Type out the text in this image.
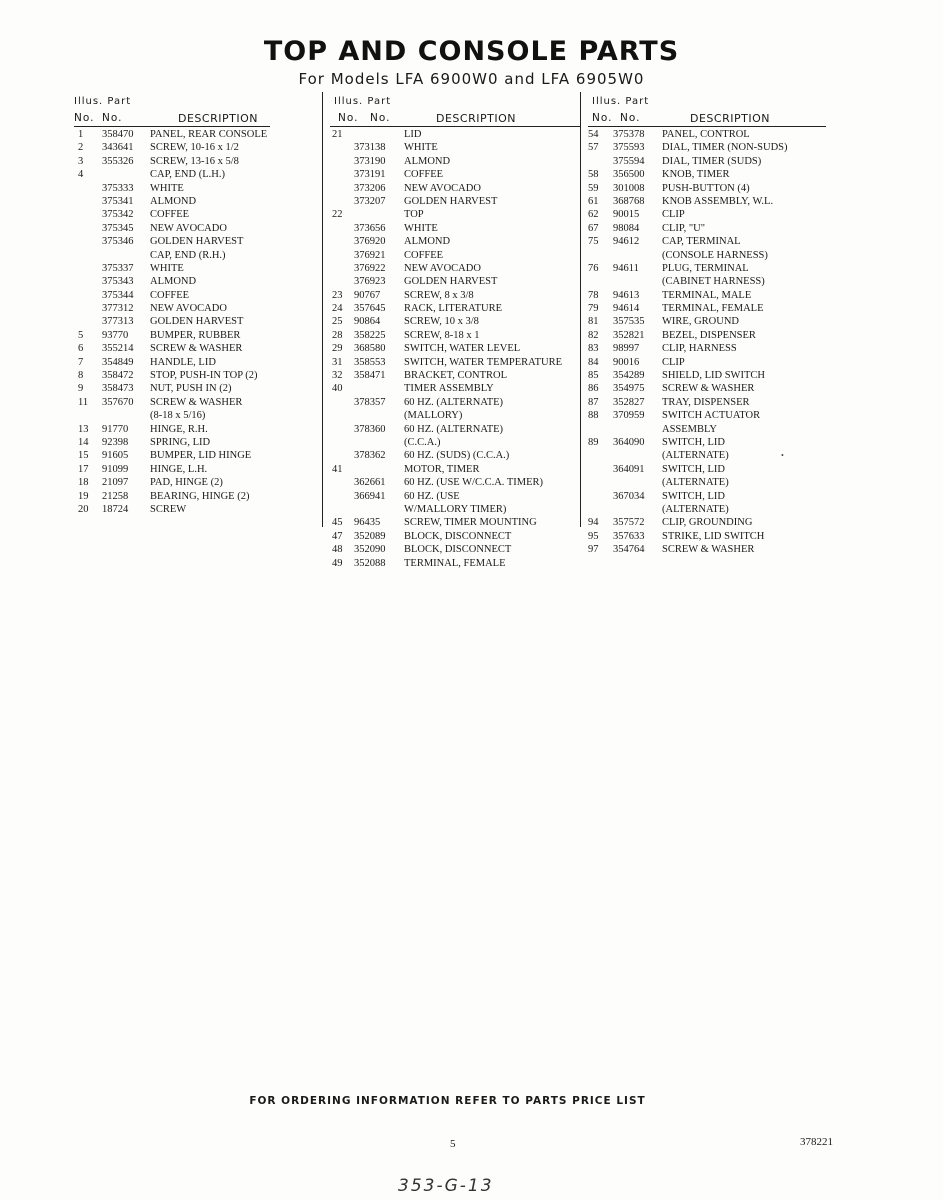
TOP AND CONSOLE PARTS
For Models LFA 6900W0 and LFA 6905W0
Illus. Part
No. No.	DESCRIPTION
1	358470 PANEL, REAR CONSOLE
2	343641 SCREW, 10-16 x 1/2
3	355326 SCREW, 13-16 x 5/8
4	CAP, END (L.H.)
375333 WHITE
375341 ALMOND
375342 COFFEE
375345 NEW AVOCADO
375346 GOLDEN HARVEST
CAP, END (R.H.)
375337 WHITE
375343 ALMOND
375344 COFFEE
377312 NEW AVOCADO
377313 GOLDEN HARVEST
5	93770 BUMPER, RUBBER
6	355214 SCREW & WASHER
7	354849 HANDLE, LID
8	358472 STOP, PUSH-IN TOP (2)
9	358473 NUT, PUSH IN (2)
11	357670 SCREW & WASHER
(8-18 x 5/16)
13	91770 HINGE, R.H.
14	92398 SPRING, LID
15	91605 BUMPER, LID HINGE
17	91099 HINGE, L.H.
18	21097 PAD, HINGE (2)
19	21258 BEARING, HINGE (2)
20	18724 SCREW
Illus. Part
No. No.	DESCRIPTION
21	LID
373138 WHITE
373190 ALMOND
373191 COFFEE
373206 NEW AVOCADO
373207 GOLDEN HARVEST
22	TOP
373656 WHITE
376920 ALMOND
376921 COFFEE
376922 NEW AVOCADO
376923 GOLDEN HARVEST
23	90767 SCREW, 8 x 3/8
24	357645 RACK, LITERATURE
25	90864 SCREW, 10 x 3/8
28	358225 SCREW, 8-18 x 1
29	368580 SWITCH, WATER LEVEL
31	358553 SWITCH, WATER TEMPERATURE
32	358471 BRACKET, CONTROL
40	TIMER ASSEMBLY
378357 60 HZ. (ALTERNATE)
(MALLORY)
378360 60 HZ. (ALTERNATE)
(C.C.A.)
378362 60 HZ. (SUDS) (C.C.A.)
41	MOTOR, TIMER
362661 60 HZ. (USE W/C.C.A. TIMER)
366941 60 HZ. (USE
W/MALLORY TIMER)
45	96435 SCREW, TIMER MOUNTING
47	352089 BLOCK, DISCONNECT
48	352090 BLOCK, DISCONNECT
49	352088 TERMINAL, FEMALE
Illus. Part
No. No.	DESCRIPTION
54	375378 PANEL, CONTROL
57	375593 DIAL, TIMER (NON-SUDS)
375594 DIAL, TIMER (SUDS)
58	356500 KNOB, TIMER
59	301008 PUSH-BUTTON (4)
61	368768 KNOB ASSEMBLY, W.L.
62	90015 CLIP
67	98084 CLIP, "U"
75	94612 CAP, TERMINAL
(CONSOLE HARNESS)
76	94611 PLUG, TERMINAL
(CABINET HARNESS)
78	94613 TERMINAL, MALE
79	94614 TERMINAL, FEMALE
81	357535 WIRE, GROUND
82	352821 BEZEL, DISPENSER
83	98997 CLIP, HARNESS
84	90016 CLIP
85	354289 SHIELD, LID SWITCH
86	354975 SCREW & WASHER
87	352827 TRAY, DISPENSER
88	370959 SWITCH ACTUATOR
ASSEMBLY
89	364090 SWITCH, LID
(ALTERNATE)
364091 SWITCH, LID
(ALTERNATE)
367034 SWITCH, LID
(ALTERNATE)
94	357572 CLIP, GROUNDING
95	357633 STRIKE, LID SWITCH
97	354764 SCREW & WASHER
•
FOR ORDERING INFORMATION REFER TO PARTS PRICE LIST
5	378221
353-G-13
